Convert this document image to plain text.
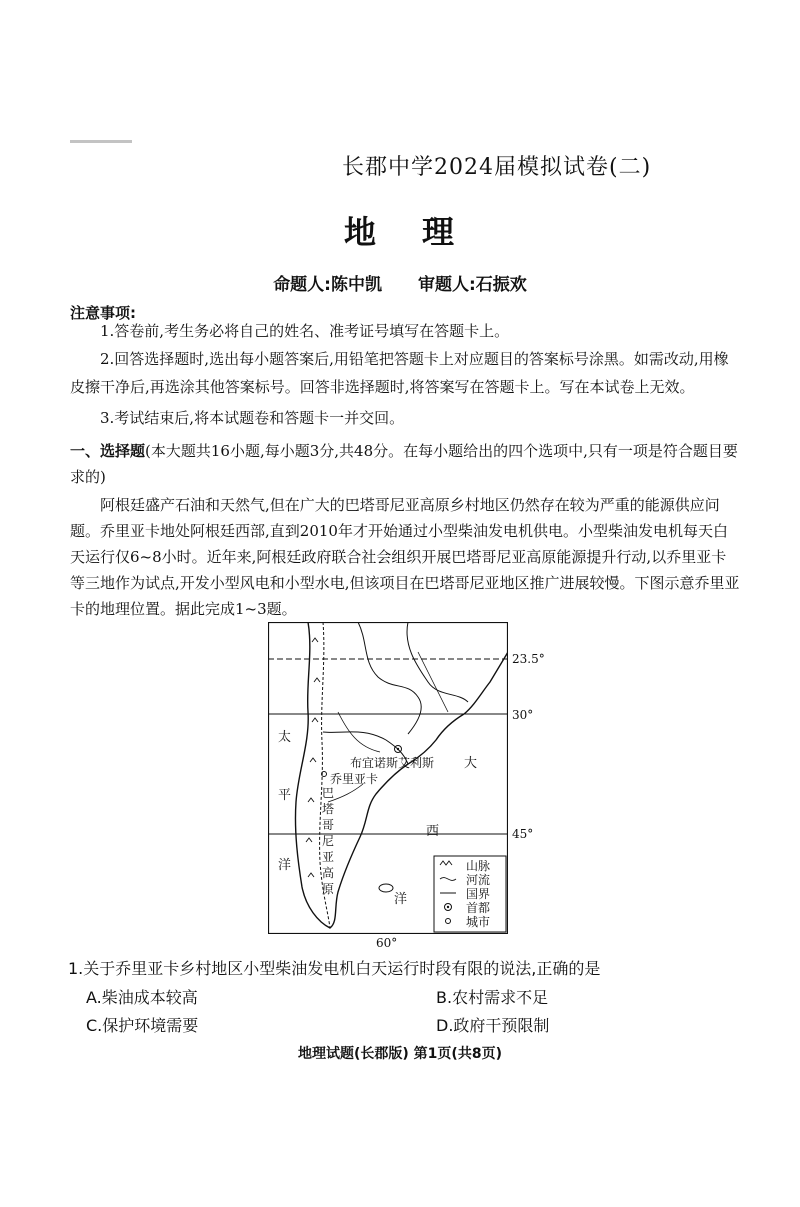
长郡中学2024届模拟试卷(二)
地 理
命题人:陈中凯 审题人:石振欢
注意事项:
1.答卷前,考生务必将自己的姓名、准考证号填写在答题卡上。
2.回答选择题时,选出每小题答案后,用铅笔把答题卡上对应题目的答案标号涂黑。如需改动,用橡皮擦干净后,再选涂其他答案标号。回答非选择题时,将答案写在答题卡上。写在本试卷上无效。
3.考试结束后,将本试题卷和答题卡一并交回。
一、选择题(本大题共16小题,每小题3分,共48分。在每小题给出的四个选项中,只有一项是符合题目要求的)
阿根廷盛产石油和天然气,但在广大的巴塔哥尼亚高原乡村地区仍然存在较为严重的能源供应问题。乔里亚卡地处阿根廷西部,直到2010年才开始通过小型柴油发电机供电。小型柴油发电机每天白天运行仅6~8小时。近年来,阿根廷政府联合社会组织开展巴塔哥尼亚高原能源提升行动,以乔里亚卡等三地作为试点,开发小型风电和小型水电,但该项目在巴塔哥尼亚地区推广进展较慢。下图示意乔里亚卡的地理位置。据此完成1~3题。
23.5°
30°
45°
60°
布宜诺斯艾利斯
乔里亚卡
太
平
洋
大
西
洋
巴
塔
哥
尼
亚
高
原
山脉
河流
国界
首都
城市
1.关于乔里亚卡乡村地区小型柴油发电机白天运行时段有限的说法,正确的是
A.柴油成本较高	B.农村需求不足
C.保护环境需要	D.政府干预限制
地理试题(长郡版) 第1页(共8页)
